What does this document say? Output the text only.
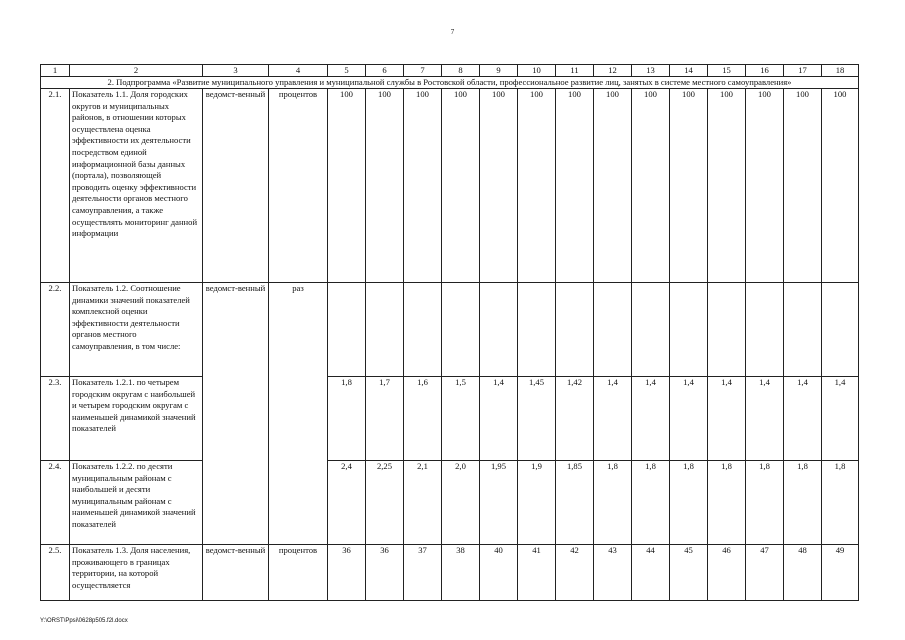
7
1	2	3	4	5	6	7	8	9	10	11	12	13	14	15	16	17	18
2. Подпрограмма «Развитие муниципального управления и муниципальной службы в Ростовской области, профессиональное развитие лиц, занятых в системе местного самоуправления»																	
2.1.	Показатель 1.1. Доля городских округов и муниципальных районов, в отношении которых осуществлена оценка эффективности их деятельности посредством единой информационной базы данных (портала), позволяющей проводить оценку эффективности деятельности органов местного самоуправления, а также осуществлять мониторинг данной информации	ведомст-венный	процентов	100	100	100	100	100	100	100	100	100	100	100	100	100	100
2.2.	Показатель 1.2. Соотношение динамики значений показателей комплексной оценки эффективности деятельности органов местного самоуправления, в том числе:	ведомст-венный	раз														
2.3.	Показатель 1.2.1. по четырем городским округам с наибольшей и четырем городским округам с наименьшей динамикой значений показателей			1,8	1,7	1,6	1,5	1,4	1,45	1,42	1,4	1,4	1,4	1,4	1,4	1,4	1,4
2.4.	Показатель 1.2.2. по десяти муниципальным районам с наибольшей и десяти муниципальным районам с наименьшей динамикой значений показателей			2,4	2,25	2,1	2,0	1,95	1,9	1,85	1,8	1,8	1,8	1,8	1,8	1,8	1,8
2.5.	Показатель 1.3. Доля населения, проживающего в границах территории, на которой осуществляется	ведомст-венный	процентов	36	36	37	38	40	41	42	43	44	45	46	47	48	49
Y:\ORST\Ppsi\0628p505.f2l.docx
